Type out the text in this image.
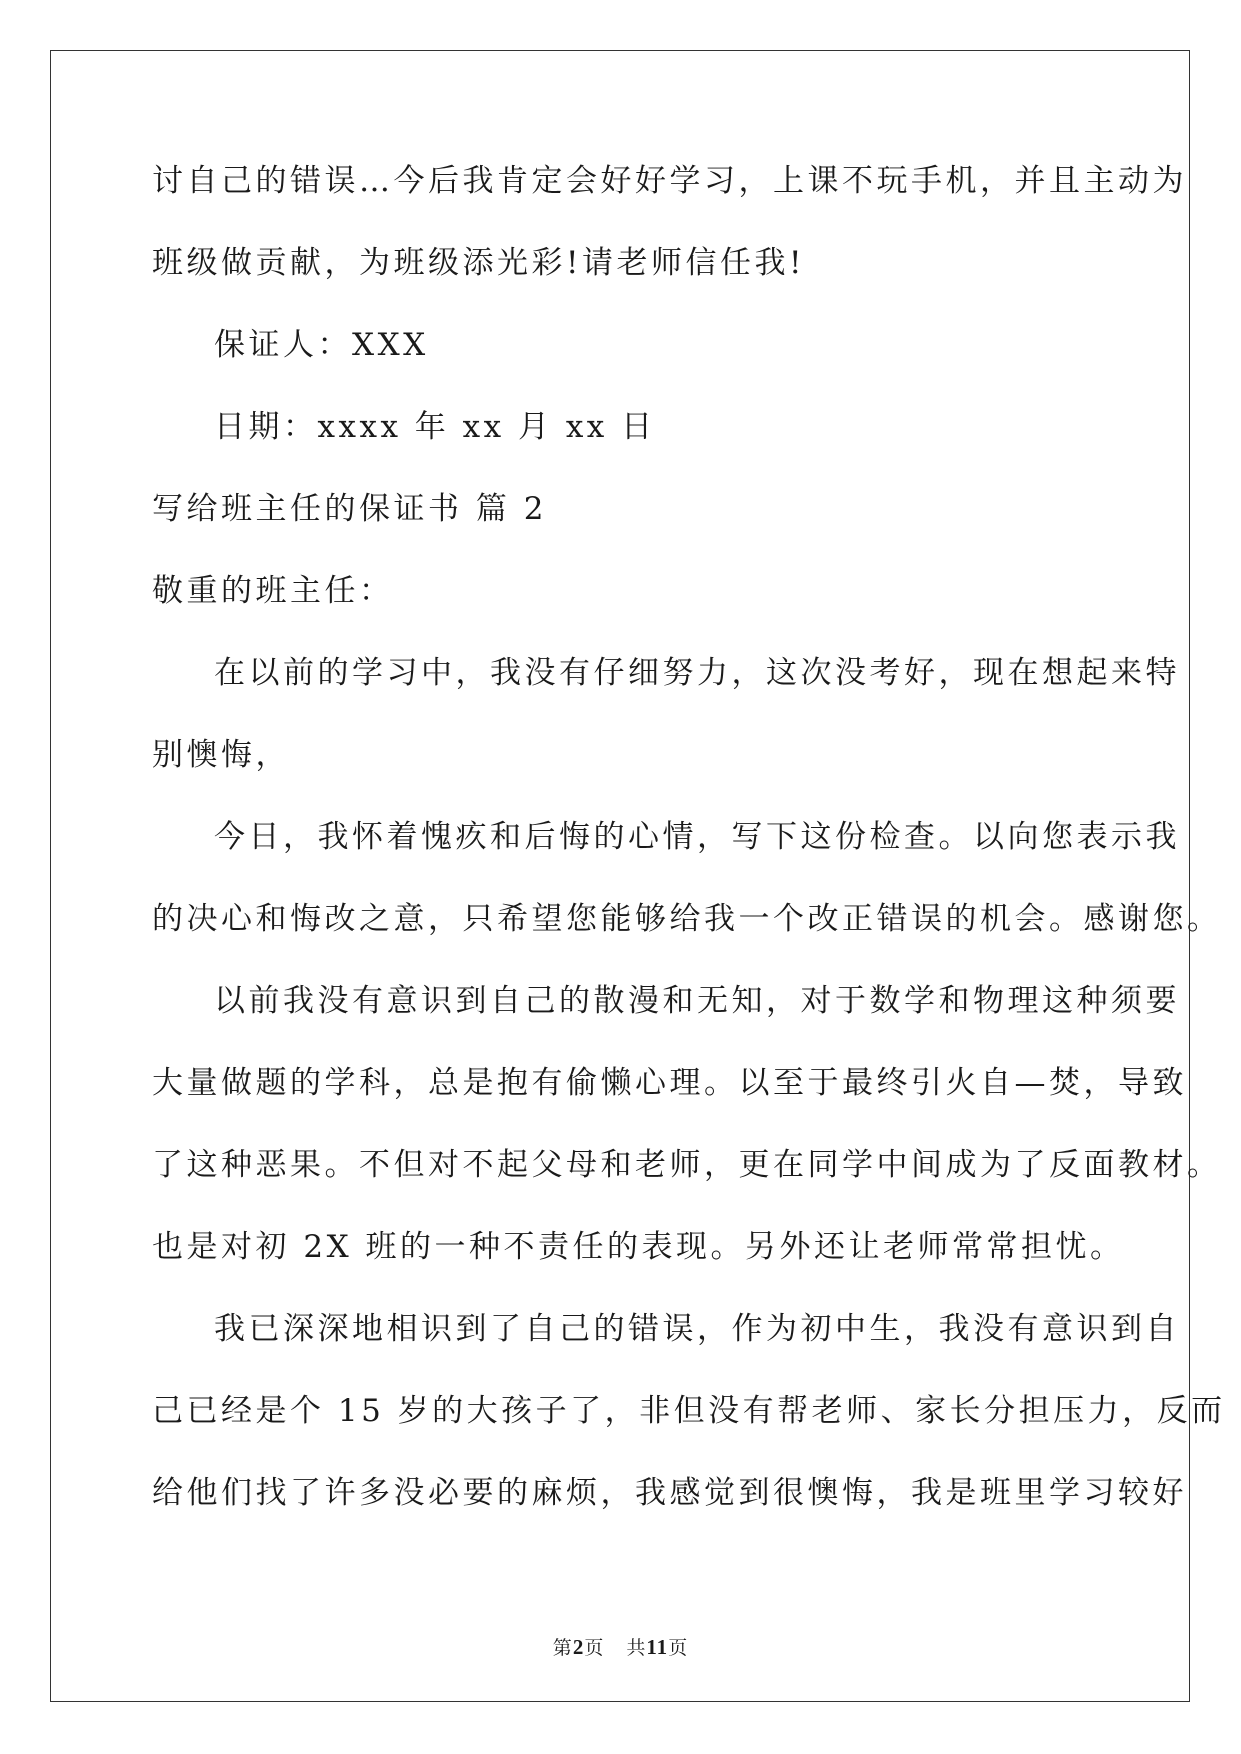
讨自己的错误…今后我肯定会好好学习，上课不玩手机，并且主动为
班级做贡献，为班级添光彩!请老师信任我!
保证人：XXX
日期：xxxx 年 xx 月 xx 日
写给班主任的保证书 篇 2
敬重的班主任：
在以前的学习中，我没有仔细努力，这次没考好，现在想起来特
别懊悔，
今日，我怀着愧疚和后悔的心情，写下这份检查。以向您表示我
的决心和悔改之意，只希望您能够给我一个改正错误的机会。感谢您。
以前我没有意识到自己的散漫和无知，对于数学和物理这种须要
大量做题的学科，总是抱有偷懒心理。以至于最终引火自—焚，导致
了这种恶果。不但对不起父母和老师，更在同学中间成为了反面教材。
也是对初 2X 班的一种不责任的表现。另外还让老师常常担忧。
我已深深地相识到了自己的错误，作为初中生，我没有意识到自
己已经是个 15 岁的大孩子了，非但没有帮老师、家长分担压力，反而
给他们找了许多没必要的麻烦，我感觉到很懊悔，我是班里学习较好
第2页 共11页
